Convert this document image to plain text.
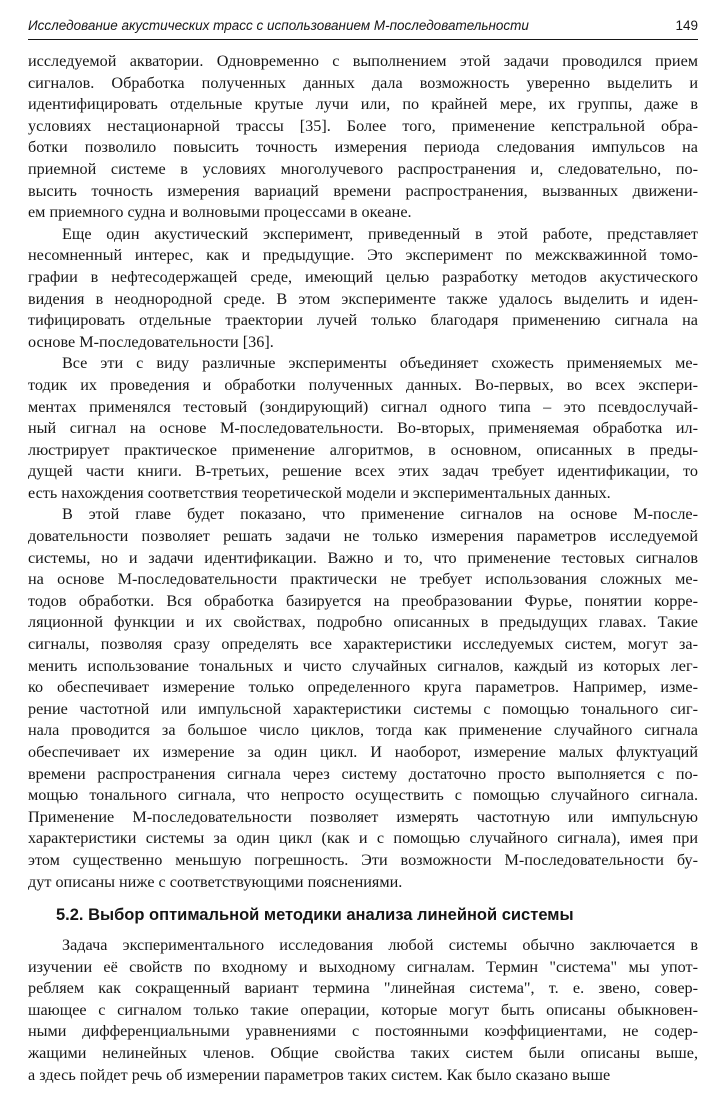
Исследование акустических трасс с использованием М-последовательности	149
исследуемой акватории. Одновременно с выполнением этой задачи проводился прием
сигналов. Обработка полученных данных дала возможность уверенно выделить и
идентифицировать отдельные крутые лучи или, по крайней мере, их группы, даже в
условиях нестационарной трассы [35]. Более того, применение кепстральной обра-
ботки позволило повысить точность измерения периода следования импульсов на
приемной системе в условиях многолучевого распространения и, следовательно, по-
высить точность измерения вариаций времени распространения, вызванных движени-
ем приемного судна и волновыми процессами в океане.
Еще один акустический эксперимент, приведенный в этой работе, представляет
несомненный интерес, как и предыдущие. Это эксперимент по межскважинной томо-
графии в нефтесодержащей среде, имеющий целью разработку методов акустического
видения в неоднородной среде. В этом эксперименте также удалось выделить и иден-
тифицировать отдельные траектории лучей только благодаря применению сигнала на
основе М-последовательности [36].
Все эти с виду различные эксперименты объединяет схожесть применяемых ме-
тодик их проведения и обработки полученных данных. Во-первых, во всех экспери-
ментах применялся тестовый (зондирующий) сигнал одного типа – это псевдослучай-
ный сигнал на основе М-последовательности. Во-вторых, применяемая обработка ил-
люстрирует практическое применение алгоритмов, в основном, описанных в преды-
дущей части книги. В-третьих, решение всех этих задач требует идентификации, то
есть нахождения соответствия теоретической модели и экспериментальных данных.
В этой главе будет показано, что применение сигналов на основе М-после-
довательности позволяет решать задачи не только измерения параметров исследуемой
системы, но и задачи идентификации. Важно и то, что применение тестовых сигналов
на основе М-последовательности практически не требует использования сложных ме-
тодов обработки. Вся обработка базируется на преобразовании Фурье, понятии корре-
ляционной функции и их свойствах, подробно описанных в предыдущих главах. Такие
сигналы, позволяя сразу определять все характеристики исследуемых систем, могут за-
менить использование тональных и чисто случайных сигналов, каждый из которых лег-
ко обеспечивает измерение только определенного круга параметров. Например, изме-
рение частотной или импульсной характеристики системы с помощью тонального сиг-
нала проводится за большое число циклов, тогда как применение случайного сигнала
обеспечивает их измерение за один цикл. И наоборот, измерение малых флуктуаций
времени распространения сигнала через систему достаточно просто выполняется с по-
мощью тонального сигнала, что непросто осуществить с помощью случайного сигнала.
Применение М-последовательности позволяет измерять частотную или импульсную
характеристики системы за один цикл (как и с помощью случайного сигнала), имея при
этом существенно меньшую погрешность. Эти возможности М-последовательности бу-
дут описаны ниже с соответствующими пояснениями.
5.2. Выбор оптимальной методики анализа линейной системы
Задача экспериментального исследования любой системы обычно заключается в
изучении её свойств по входному и выходному сигналам. Термин "система" мы упот-
ребляем как сокращенный вариант термина "линейная система", т. е. звено, совер-
шающее с сигналом только такие операции, которые могут быть описаны обыкновен-
ными дифференциальными уравнениями с постоянными коэффициентами, не содер-
жащими нелинейных членов. Общие свойства таких систем были описаны выше,
а здесь пойдет речь об измерении параметров таких систем. Как было сказано выше
